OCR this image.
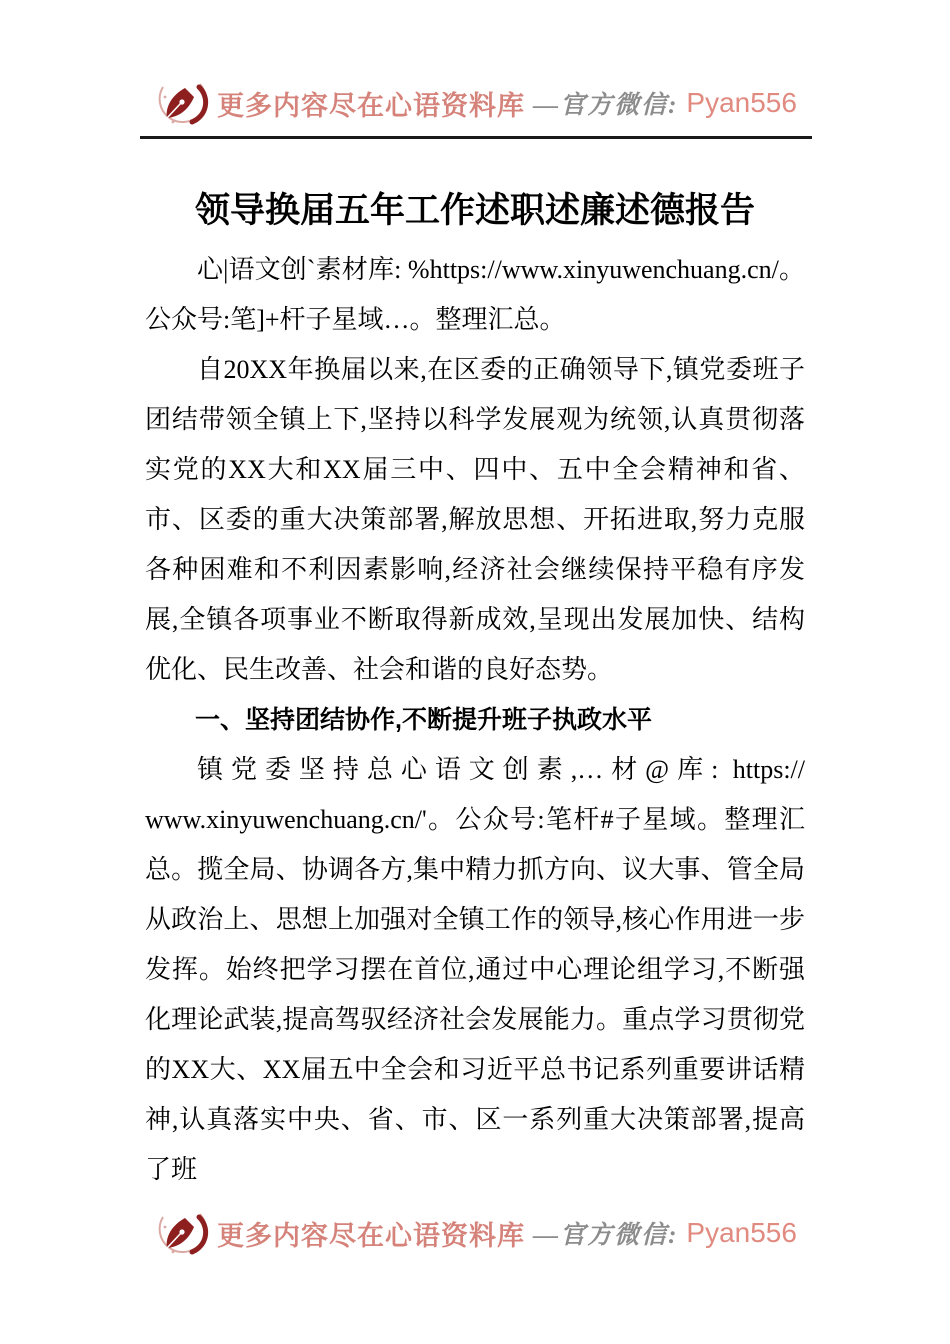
更多内容尽在心语资料库 —官方微信: Pyan556
领导换届五年工作述职述廉述德报告

心|语文创`素材库: %https://​www.xinyuwenchuang.cn/。公众号:笔]+杆子星域…。整理汇总。

自20XX年换届以来,在区委的正确领导下,镇党委班子团结带领全镇上下,坚持以科学发展观为统领,认真贯彻落实党的XX大和XX届三中、四中、五中全会精神和省、市、区委的重大决策部署,解放思想、开拓进取,努力克服各种困难和不利因素影响,经济社会继续保持平稳有序发展,全镇各项事业不断取得新成效,呈现出发展加快、结构优化、民生改善、社会和谐的良好态势。

一、坚持团结协作,不断提升班子执政水平

镇党委坚持总心语文创素,…材@库: https://​www.xinyuwenchuang.cn/'。公众号:笔杆#子星域。整理汇总。揽全局、协调各方,集中精力抓方向、议大事、管全局从政治上、思想上加强对全镇工作的领导,核心作用进一步发挥。始终把学习摆在首位,通过中心理论组学习,不断强化理论武装,提高驾驭经济社会发展能力。重点学习贯彻党的XX大、XX届五中全会和习近平总书记系列重要讲话精神,认真落实中央、省、市、区一系列重大决策部署,提高了班

更多内容尽在心语资料库 —官方微信: Pyan556
